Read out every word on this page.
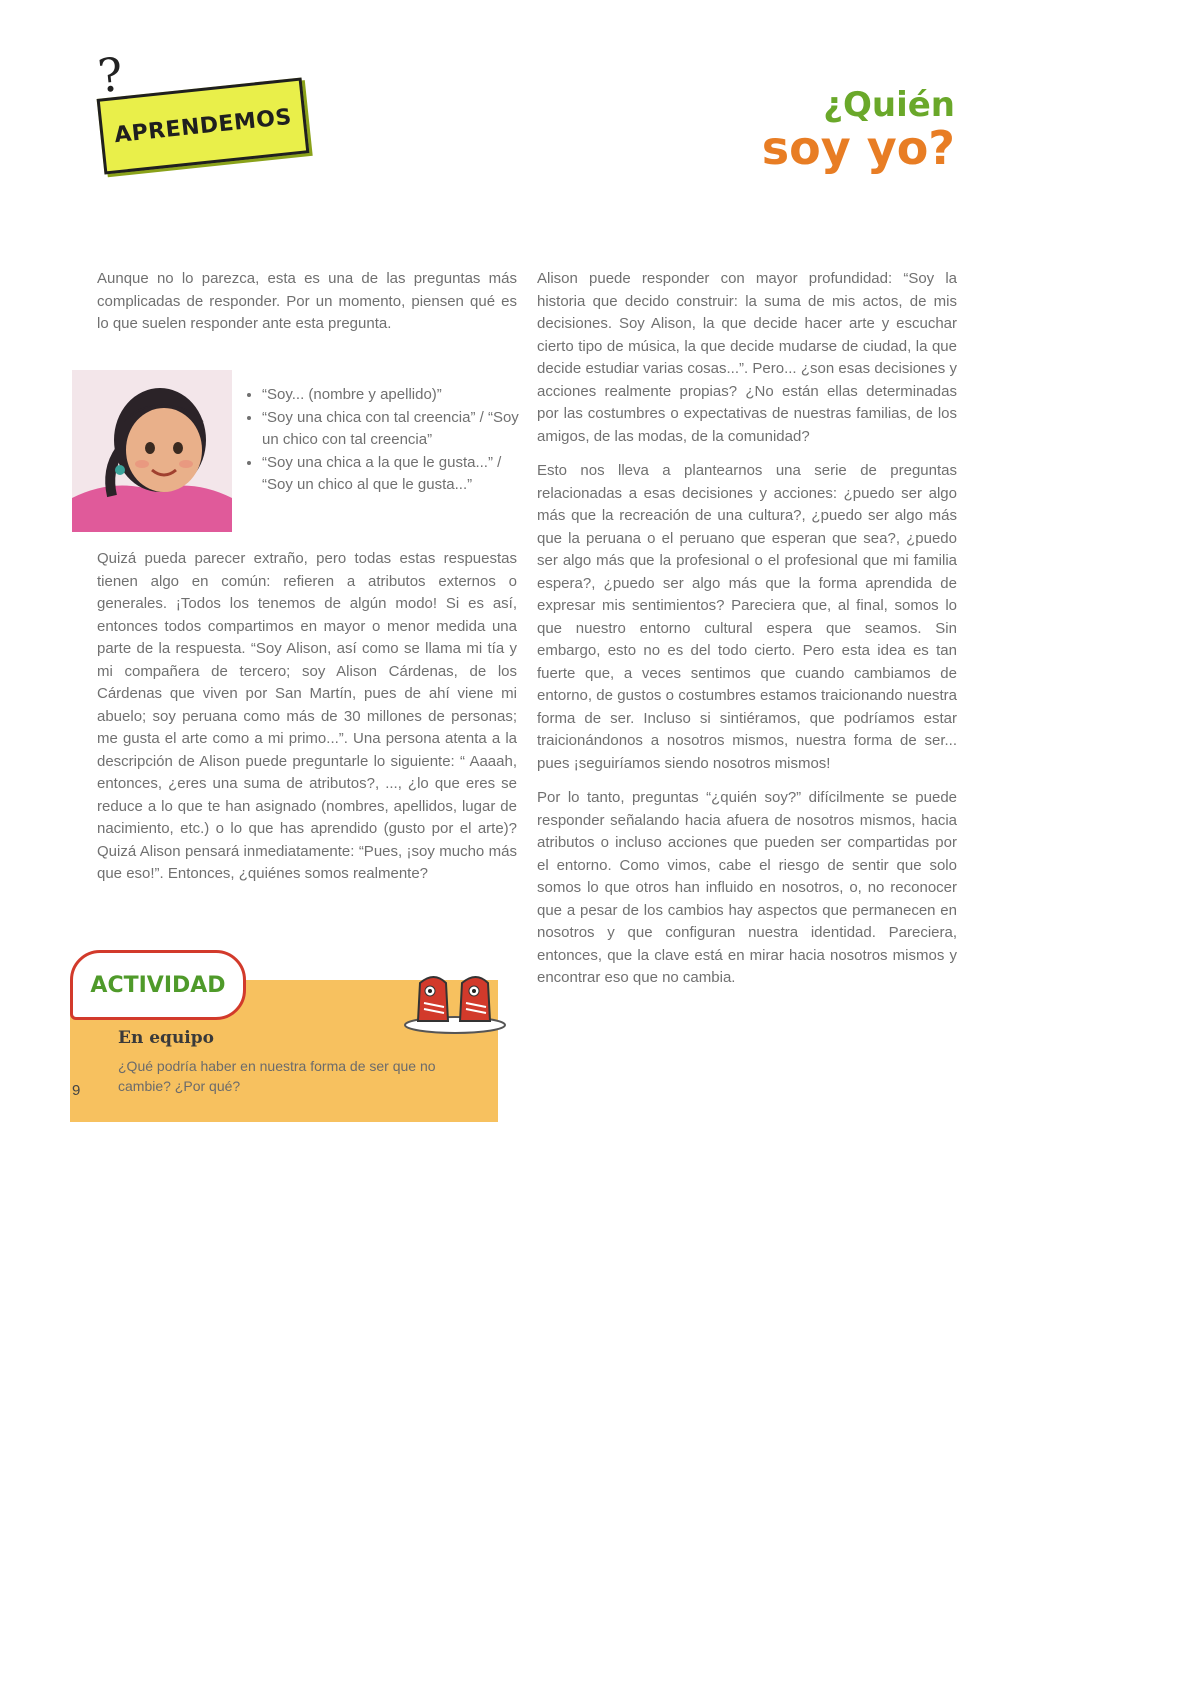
?
APRENDEMOS	¿Quién
soy yo?

Aunque no lo parezca, esta es una de las preguntas más complicadas de responder. Por un momento, piensen qué es lo que suelen responder ante esta pregunta.

• “Soy... (nombre y apellido)”
• “Soy una chica con tal creencia” / “Soy un chico con tal creencia”
• “Soy una chica a la que le gusta...” / “Soy un chico al que le gusta...”

Quizá pueda parecer extraño, pero todas estas respuestas tienen algo en común: refieren a atributos externos o generales. ¡Todos los tenemos de algún modo! Si es así, entonces todos compartimos en mayor o menor medida una parte de la respuesta. “Soy Alison, así como se llama mi tía y mi compañera de tercero; soy Alison Cárdenas, de los Cárdenas que viven por San Martín, pues de ahí viene mi abuelo; soy peruana como más de 30 millones de personas; me gusta el arte como a mi primo...”. Una persona atenta a la descripción de Alison puede preguntarle lo siguiente: “ Aaaah, entonces, ¿eres una suma de atributos?, ..., ¿lo que eres se reduce a lo que te han asignado (nombres, apellidos, lugar de nacimiento, etc.) o lo que has aprendido (gusto por el arte)? Quizá Alison pensará inmediatamente: “Pues, ¡soy mucho más que eso!”. Entonces, ¿quiénes somos realmente?

Alison puede responder con mayor profundidad: “Soy la historia que decido construir: la suma de mis actos, de mis decisiones. Soy Alison, la que decide hacer arte y escuchar cierto tipo de música, la que decide mudarse de ciudad, la que decide estudiar varias cosas...”. Pero... ¿son esas decisiones y acciones realmente propias? ¿No están ellas determinadas por las costumbres o expectativas de nuestras familias, de los amigos, de las modas, de la comunidad?

Esto nos lleva a plantearnos una serie de preguntas relacionadas a esas decisiones y acciones: ¿puedo ser algo más que la recreación de una cultura?, ¿puedo ser algo más que la peruana o el peruano que esperan que sea?, ¿puedo ser algo más que la profesional o el profesional que mi familia espera?, ¿puedo ser algo más que la forma aprendida de expresar mis sentimientos? Pareciera que, al final, somos lo que nuestro entorno cultural espera que seamos. Sin embargo, esto no es del todo cierto. Pero esta idea es tan fuerte que, a veces sentimos que cuando cambiamos de entorno, de gustos o costumbres estamos traicionando nuestra forma de ser. Incluso si sintiéramos, que podríamos estar traicionándonos a nosotros mismos, nuestra forma de ser... pues ¡seguiríamos siendo nosotros mismos!

Por lo tanto, preguntas “¿quién soy?” difícilmente se puede responder señalando hacia afuera de nosotros mismos, hacia atributos o incluso acciones que pueden ser compartidas por el entorno. Como vimos, cabe el riesgo de sentir que solo somos lo que otros han influido en nosotros, o, no reconocer que a pesar de los cambios hay aspectos que permanecen en nosotros y que configuran nuestra identidad. Pareciera, entonces, que la clave está en mirar hacia nosotros mismos y encontrar eso que no cambia.

ACTIVIDAD
En equipo
¿Qué podría haber en nuestra forma de ser que no cambie? ¿Por qué?
9
